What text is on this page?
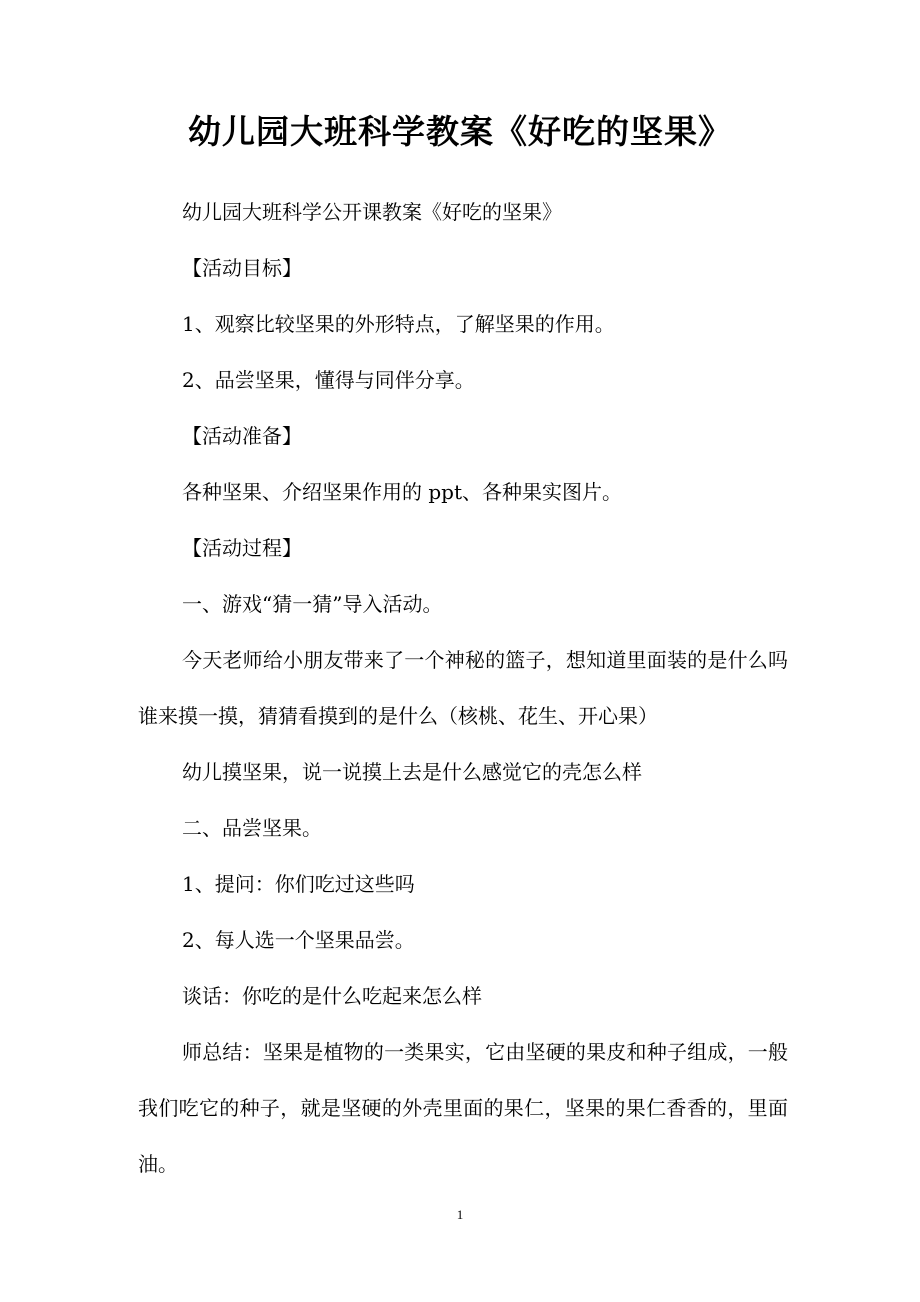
幼儿园大班科学教案《好吃的坚果》

幼儿园大班科学公开课教案《好吃的坚果》

【活动目标】

1、观察比较坚果的外形特点，了解坚果的作用。

2、品尝坚果，懂得与同伴分享。

【活动准备】

各种坚果、介绍坚果作用的 ppt、各种果实图片。

【活动过程】

一、游戏“猜一猜”导入活动。

今天老师给小朋友带来了一个神秘的篮子，想知道里面装的是什么吗谁来摸一摸，猜猜看摸到的是什么（核桃、花生、开心果）

幼儿摸坚果，说一说摸上去是什么感觉它的壳怎么样

二、品尝坚果。

1、提问：你们吃过这些吗

2、每人选一个坚果品尝。

谈话：你吃的是什么吃起来怎么样

师总结：坚果是植物的一类果实，它由坚硬的果皮和种子组成，一般我们吃它的种子，就是坚硬的外壳里面的果仁，坚果的果仁香香的，里面油。

1
